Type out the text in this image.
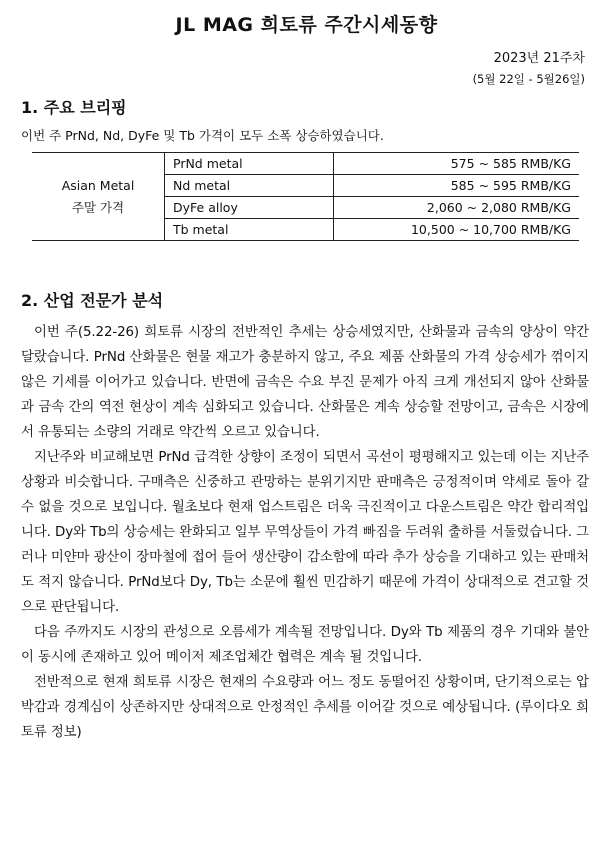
JL MAG 희토류 주간시세동향
2023년 21주차
(5월 22일 - 5월26일)
1. 주요 브리핑
이번 주 PrNd, Nd, DyFe 및 Tb 가격이 모두 소폭 상승하였습니다.
Asian Metal
주말 가격	PrNd metal	575 ~ 585 RMB/KG
	Nd metal	585 ~ 595 RMB/KG
	DyFe alloy	2,060 ~ 2,080 RMB/KG
	Tb metal	10,500 ~ 10,700 RMB/KG
2. 산업 전문가 분석

이번 주(5.22-26) 희토류 시장의 전반적인 추세는 상승세였지만, 산화물과 금속의 양상이 약간 달랐습니다. PrNd 산화물은 현물 재고가 충분하지 않고, 주요 제품 산화물의 가격 상승세가 꺾이지 않은 기세를 이어가고 있습니다. 반면에 금속은 수요 부진 문제가 아직 크게 개선되지 않아 산화물과 금속 간의 역전 현상이 계속 심화되고 있습니다. 산화물은 계속 상승할 전망이고, 금속은 시장에서 유통되는 소량의 거래로 약간씩 오르고 있습니다.

지난주와 비교해보면 PrNd 급격한 상향이 조정이 되면서 곡선이 평평해지고 있는데 이는 지난주 상황과 비슷합니다. 구매측은 신중하고 관망하는 분위기지만 판매측은 긍정적이며 약세로 돌아 갈 수 없을 것으로 보입니다. 월초보다 현재 업스트림은 더욱 극진적이고 다운스트림은 약간 합리적입니다. Dy와 Tb의 상승세는 완화되고 일부 무역상들이 가격 빠짐을 두려워 출하를 서둘렀습니다. 그러나 미얀마 광산이 장마철에 접어 들어 생산량이 감소함에 따라 추가 상승을 기대하고 있는 판매처도 적지 않습니다. PrNd보다 Dy, Tb는 소문에 훨씬 민감하기 때문에 가격이 상대적으로 견고할 것으로 판단됩니다.

다음 주까지도 시장의 관성으로 오름세가 계속될 전망입니다. Dy와 Tb 제품의 경우 기대와 불안이 동시에 존재하고 있어 메이저 제조업체간 협력은 계속 될 것입니다.

전반적으로 현재 희토류 시장은 현재의 수요량과 어느 정도 동떨어진 상황이며, 단기적으로는 압박감과 경계심이 상존하지만 상대적으로 안정적인 추세를 이어갈 것으로 예상됩니다. (루이다오 희토류 정보)
